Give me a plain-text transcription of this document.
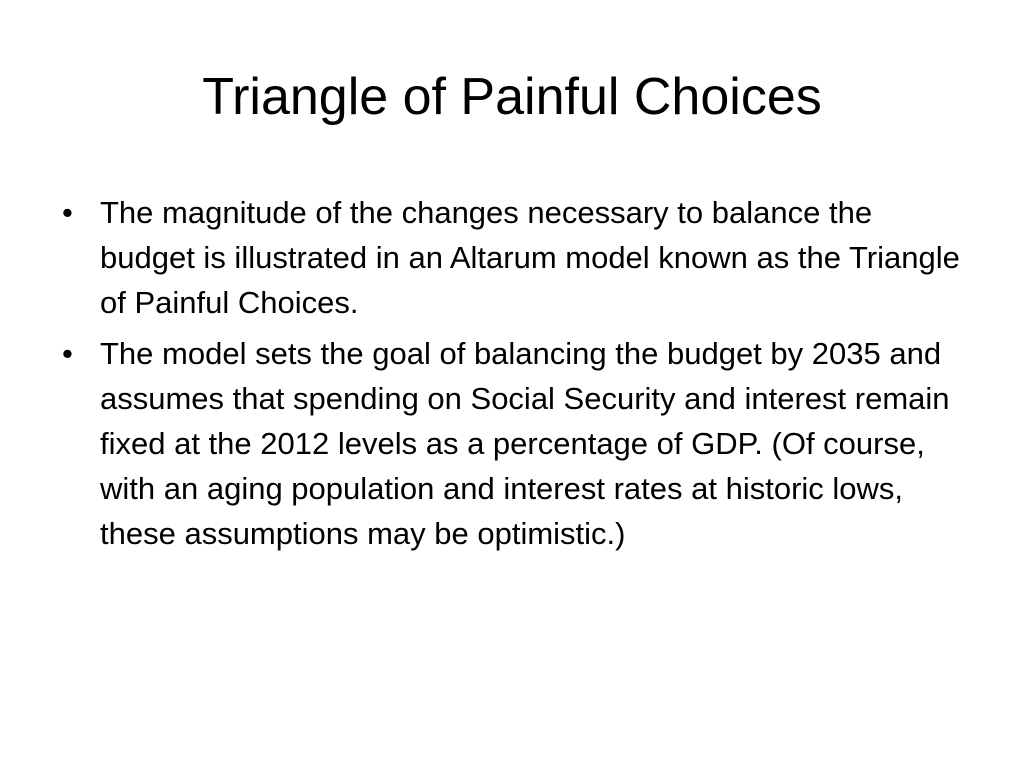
Triangle of Painful Choices
• The magnitude of the changes necessary to balance the budget is illustrated in an Altarum model known as the Triangle of Painful Choices.
• The model sets the goal of balancing the budget by 2035 and assumes that spending on Social Security and interest remain fixed at the 2012 levels as a percentage of GDP. (Of course, with an aging population and interest rates at historic lows, these assumptions may be optimistic.)
